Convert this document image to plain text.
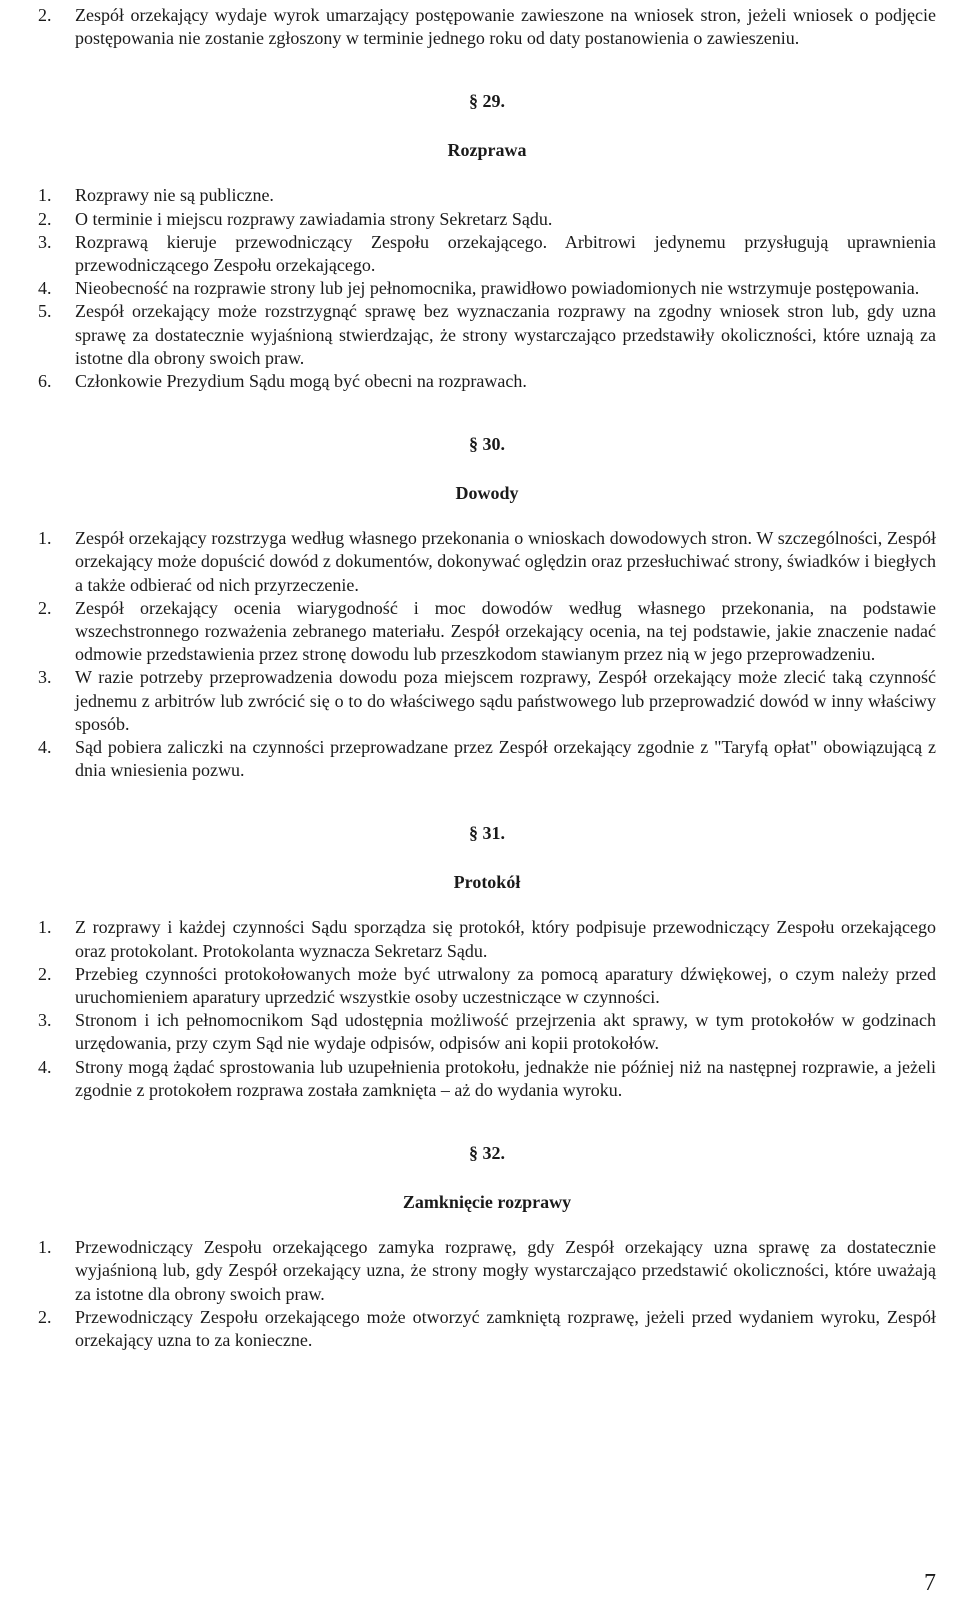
2. Zespół orzekający wydaje wyrok umarzający postępowanie zawieszone na wniosek stron, jeżeli wniosek o podjęcie postępowania nie zostanie zgłoszony w terminie jednego roku od daty postanowienia o zawieszeniu.
§ 29.
Rozprawa
1. Rozprawy nie są publiczne.
2. O terminie i miejscu rozprawy zawiadamia strony Sekretarz Sądu.
3. Rozprawą kieruje przewodniczący Zespołu orzekającego. Arbitrowi jedynemu przysługują uprawnienia przewodniczącego Zespołu orzekającego.
4. Nieobecność na rozprawie strony lub jej pełnomocnika, prawidłowo powiadomionych nie wstrzymuje postępowania.
5. Zespół orzekający może rozstrzygnąć sprawę bez wyznaczania rozprawy na zgodny wniosek stron lub, gdy uzna sprawę za dostatecznie wyjaśnioną stwierdzając, że strony wystarczająco przedstawiły okoliczności, które uznają za istotne dla obrony swoich praw.
6. Członkowie Prezydium Sądu mogą być obecni na rozprawach.
§ 30.
Dowody
1. Zespół orzekający rozstrzyga według własnego przekonania o wnioskach dowodowych stron. W szczególności, Zespół orzekający może dopuścić dowód z dokumentów, dokonywać oględzin oraz przesłuchiwać strony, świadków i biegłych a także odbierać od nich przyrzeczenie.
2. Zespół orzekający ocenia wiarygodność i moc dowodów według własnego przekonania, na podstawie wszechstronnego rozważenia zebranego materiału. Zespół orzekający ocenia, na tej podstawie, jakie znaczenie nadać odmowie przedstawienia przez stronę dowodu lub przeszkodom stawianym przez nią w jego przeprowadzeniu.
3. W razie potrzeby przeprowadzenia dowodu poza miejscem rozprawy, Zespół orzekający może zlecić taką czynność jednemu z arbitrów lub zwrócić się o to do właściwego sądu państwowego lub przeprowadzić dowód w inny właściwy sposób.
4. Sąd pobiera zaliczki na czynności przeprowadzane przez Zespół orzekający zgodnie z "Taryfą opłat" obowiązującą z dnia wniesienia pozwu.
§ 31.
Protokół
1. Z rozprawy i każdej czynności Sądu sporządza się protokół, który podpisuje przewodniczący Zespołu orzekającego oraz protokolant. Protokolanta wyznacza Sekretarz Sądu.
2. Przebieg czynności protokołowanych może być utrwalony za pomocą aparatury dźwiękowej, o czym należy przed uruchomieniem aparatury uprzedzić wszystkie osoby uczestniczące w czynności.
3. Stronom i ich pełnomocnikom Sąd udostępnia możliwość przejrzenia akt sprawy, w tym protokołów w godzinach urzędowania, przy czym Sąd nie wydaje odpisów, odpisów ani kopii protokołów.
4. Strony mogą żądać sprostowania lub uzupełnienia protokołu, jednakże nie później niż na następnej rozprawie, a jeżeli zgodnie z protokołem rozprawa została zamknięta – aż do wydania wyroku.
§ 32.
Zamknięcie rozprawy
1. Przewodniczący Zespołu orzekającego zamyka rozprawę, gdy Zespół orzekający uzna sprawę za dostatecznie wyjaśnioną lub, gdy Zespół orzekający uzna, że strony mogły wystarczająco przedstawić okoliczności, które uważają za istotne dla obrony swoich praw.
2. Przewodniczący Zespołu orzekającego może otworzyć zamkniętą rozprawę, jeżeli przed wydaniem wyroku, Zespół orzekający uzna to za konieczne.
7
